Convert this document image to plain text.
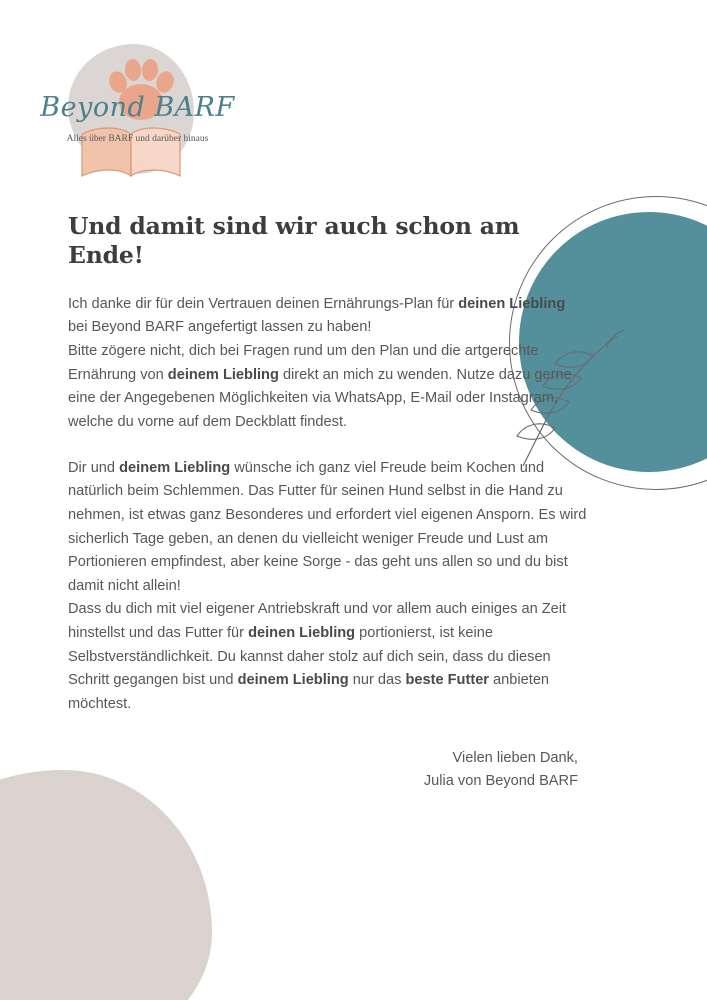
Beyond BARF
Alles über BARF und darüber hinaus
Und damit sind wir auch schon am Ende!
Ich danke dir für dein Vertrauen deinen Ernährungs-Plan für deinen Liebling bei Beyond BARF angefertigt lassen zu haben!
Bitte zögere nicht, dich bei Fragen rund um den Plan und die artgerechte Ernährung von deinem Liebling direkt an mich zu wenden. Nutze dazu gerne eine der Angegebenen Möglichkeiten via WhatsApp, E-Mail oder Instagram, welche du vorne auf dem Deckblatt findest.
Dir und deinem Liebling wünsche ich ganz viel Freude beim Kochen und natürlich beim Schlemmen. Das Futter für seinen Hund selbst in die Hand zu nehmen, ist etwas ganz Besonderes und erfordert viel eigenen Ansporn. Es wird sicherlich Tage geben, an denen du vielleicht weniger Freude und Lust am Portionieren empfindest, aber keine Sorge - das geht uns allen so und du bist damit nicht allein!
Dass du dich mit viel eigener Antriebskraft und vor allem auch einiges an Zeit hinstellst und das Futter für deinen Liebling portionierst, ist keine Selbstverständlichkeit. Du kannst daher stolz auf dich sein, dass du diesen Schritt gegangen bist und deinem Liebling nur das beste Futter anbieten möchtest.
Vielen lieben Dank,
Julia von Beyond BARF
